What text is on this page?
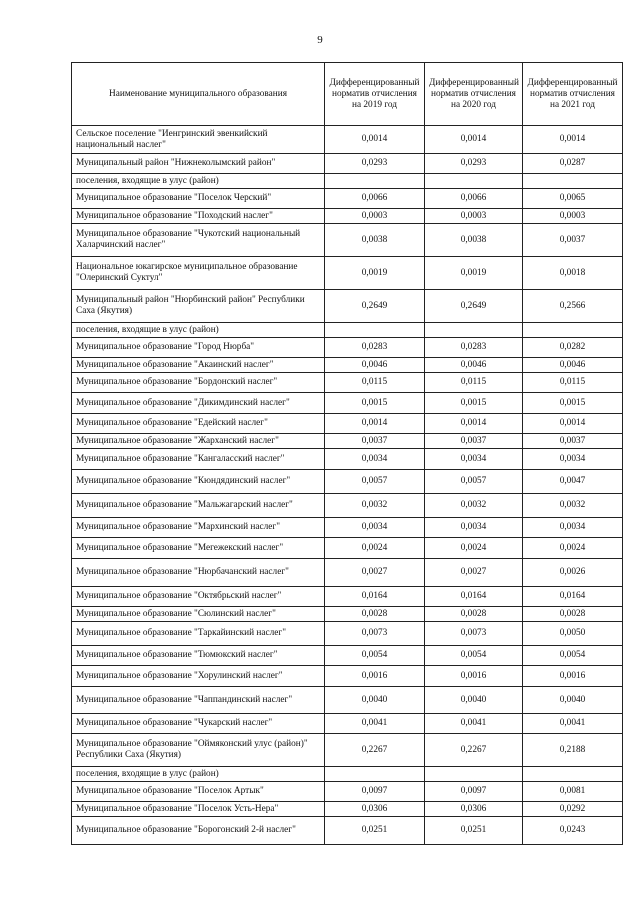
9
Наименование муниципального образования	Дифференцированный норматив отчисления на 2019 год	Дифференцированный норматив отчисления на 2020 год	Дифференцированный норматив отчисления на 2021 год
Сельское поселение "Иенгринский эвенкийский национальный наслег"	0,0014	0,0014	0,0014
Муниципальный район "Нижнеколымский район"	0,0293	0,0293	0,0287
поселения, входящие в улус (район)			
Муниципальное образование "Поселок Черский"	0,0066	0,0066	0,0065
Муниципальное образование "Походский наслег"	0,0003	0,0003	0,0003
Муниципальное образование "Чукотский национальный Халарчинский наслег"	0,0038	0,0038	0,0037
Национальное юкагирское муниципальное образование "Олеринский Суктул"	0,0019	0,0019	0,0018
Муниципальный район "Нюрбинский район" Республики Саха (Якутия)	0,2649	0,2649	0,2566
поселения, входящие в улус (район)			
Муниципальное образование "Город Нюрба"	0,0283	0,0283	0,0282
Муниципальное образование "Акаинский наслег"	0,0046	0,0046	0,0046
Муниципальное образование "Бордонский наслег"	0,0115	0,0115	0,0115
Муниципальное образование "Дикимдинский наслег"	0,0015	0,0015	0,0015
Муниципальное образование "Едейский наслег"	0,0014	0,0014	0,0014
Муниципальное образование "Жарханский наслег"	0,0037	0,0037	0,0037
Муниципальное образование "Кангаласский наслег"	0,0034	0,0034	0,0034
Муниципальное образование "Кюндядинский наслег"	0,0057	0,0057	0,0047
Муниципальное образование "Мальжагарский наслег"	0,0032	0,0032	0,0032
Муниципальное образование "Мархинский наслег"	0,0034	0,0034	0,0034
Муниципальное образование "Мегежекский наслег"	0,0024	0,0024	0,0024
Муниципальное образование "Нюрбачанский наслег"	0,0027	0,0027	0,0026
Муниципальное образование "Октябрьский наслег"	0,0164	0,0164	0,0164
Муниципальное образование "Сюлинский наслег"	0,0028	0,0028	0,0028
Муниципальное образование "Таркайинский наслег"	0,0073	0,0073	0,0050
Муниципальное образование "Тюмюкский наслег"	0,0054	0,0054	0,0054
Муниципальное образование "Хорулинский наслег"	0,0016	0,0016	0,0016
Муниципальное образование "Чаппандинский наслег"	0,0040	0,0040	0,0040
Муниципальное образование "Чукарский наслег"	0,0041	0,0041	0,0041
Муниципальное образование "Оймяконский улус (район)" Республики Саха (Якутия)	0,2267	0,2267	0,2188
поселения, входящие в улус (район)			
Муниципальное образование "Поселок Артык"	0,0097	0,0097	0,0081
Муниципальное образование "Поселок Усть-Нера"	0,0306	0,0306	0,0292
Муниципальное образование "Борогонский 2-й наслег"	0,0251	0,0251	0,0243
